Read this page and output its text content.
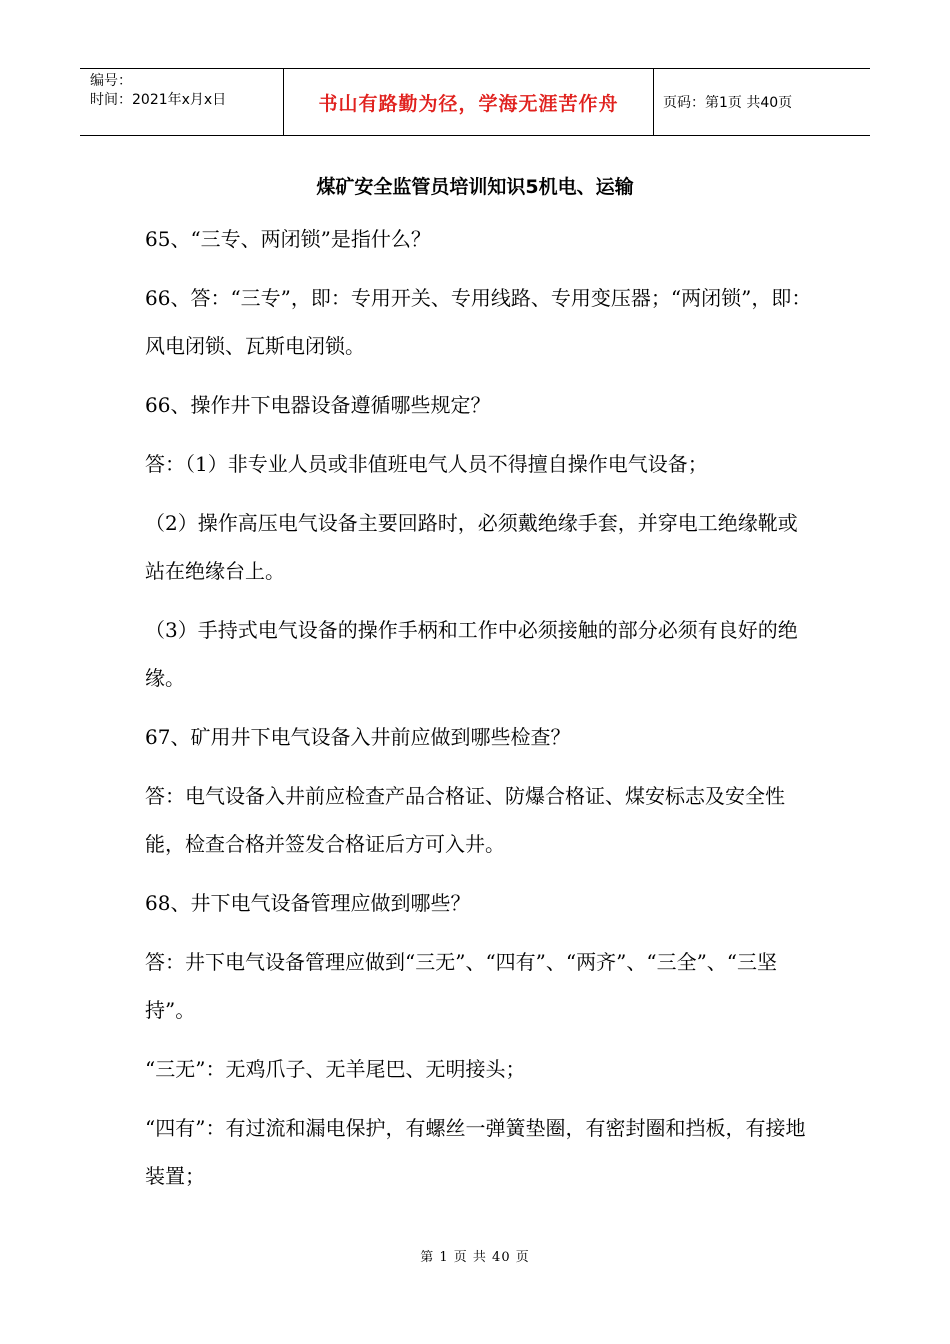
编号：
时间：2021年x月x日	书山有路勤为径，学海无涯苦作舟	页码：第1页 共40页
煤矿安全监管员培训知识5机电、运输

65、“三专、两闭锁”是指什么？

66、答：“三专”，即：专用开关、专用线路、专用变压器；“两闭锁”，即：风电闭锁、瓦斯电闭锁。

66、操作井下电器设备遵循哪些规定？

答：（1）非专业人员或非值班电气人员不得擅自操作电气设备；

（2）操作高压电气设备主要回路时，必须戴绝缘手套，并穿电工绝缘靴或站在绝缘台上。

（3）手持式电气设备的操作手柄和工作中必须接触的部分必须有良好的绝缘。

67、矿用井下电气设备入井前应做到哪些检查？

答：电气设备入井前应检查产品合格证、防爆合格证、煤安标志及安全性能，检查合格并签发合格证后方可入井。

68、井下电气设备管理应做到哪些？

答：井下电气设备管理应做到“三无”、“四有”、“两齐”、“三全”、“三坚持”。

“三无”：无鸡爪子、无羊尾巴、无明接头；

“四有”：有过流和漏电保护，有螺丝一弹簧垫圈，有密封圈和挡板，有接地装置；

第 1 页 共 40 页
